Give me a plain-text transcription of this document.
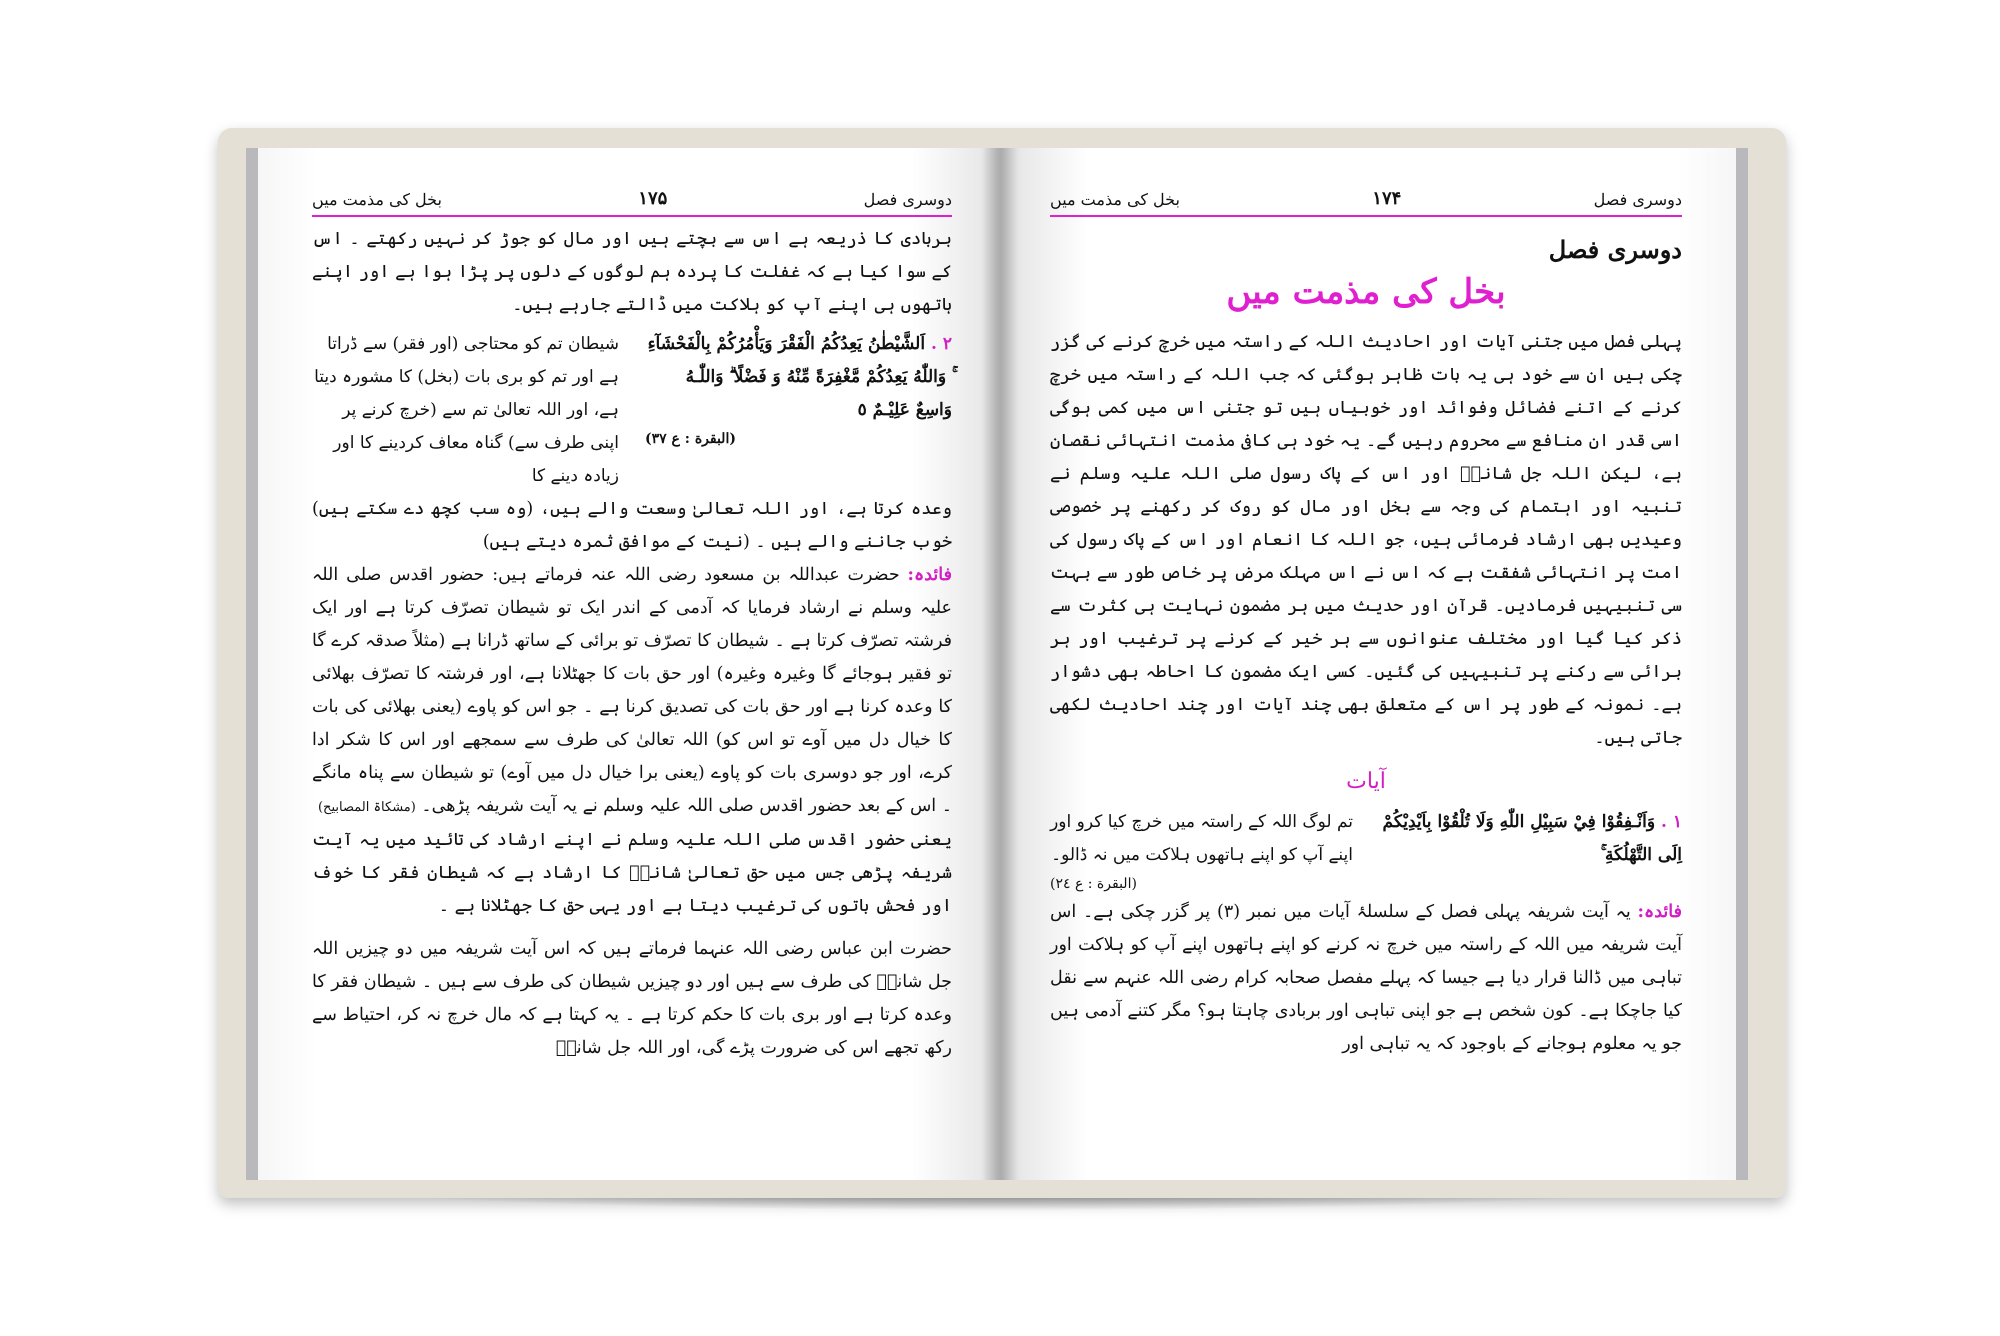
دوسری فصل
۱۷۵
بخل کی مذمت میں

بربادی کا ذریعہ ہے اس سے بچتے ہیں اور مال کو جوڑ کر نہیں رکھتے ۔ اس کے سوا کیا ہے کہ غفلت کا پردہ ہم لوگوں کے دلوں پر پڑا ہوا ہے اور اپنے ہاتھوں ہی اپنے آپ کو ہلاکت میں ڈالتے جارہے ہیں۔

۲ . اَلشَّيْطٰنُ يَعِدُكُمُ الْفَقْرَ وَيَأْمُرُكُمْ بِالْفَحْشَآءِ ۚ وَاللّٰهُ يَعِدُكُمْ مَّغْفِرَةً مِّنْهُ وَ فَضْلًا ۗ وَاللّٰـهُ وَاسِعٌ عَلِيْـمٌ ٥
(البقرة : ع ٣٧)
شیطان تم کو محتاجی (اور فقر) سے ڈراتا ہے اور تم کو بری بات (بخل) کا مشورہ دیتا ہے، اور اللہ تعالیٰ تم سے (خرچ کرنے پر اپنی طرف سے) گناہ معاف کردینے کا اور زیادہ دینے کا

وعدہ کرتا ہے، اور اللہ تعالیٰ وسعت والے ہیں، (وہ سب کچھ دے سکتے ہیں) خوب جاننے والے ہیں ۔ (نیت کے موافق ثمرہ دیتے ہیں)

فائدہ: حضرت عبداللہ بن مسعود رضی اللہ عنہ فرماتے ہیں: حضور اقدس صلی اللہ علیہ وسلم نے ارشاد فرمایا کہ آدمی کے اندر ایک تو شیطان تصرّف کرتا ہے اور ایک فرشتہ تصرّف کرتا ہے ۔ شیطان کا تصرّف تو برائی کے ساتھ ڈرانا ہے (مثلاً صدقہ کرے گا تو فقیر ہوجائے گا وغیرہ وغیرہ) اور حق بات کا جھٹلانا ہے، اور فرشتہ کا تصرّف بھلائی کا وعدہ کرنا ہے اور حق بات کی تصدیق کرنا ہے ۔ جو اس کو پاوے (یعنی بھلائی کی بات کا خیال دل میں آوے تو اس کو) اللہ تعالیٰ کی طرف سے سمجھے اور اس کا شکر ادا کرے، اور جو دوسری بات کو پاوے (یعنی برا خیال دل میں آوے) تو شیطان سے پناہ مانگے ۔ اس کے بعد حضور اقدس صلی اللہ علیہ وسلم نے یہ آیت شریفہ پڑھی۔ (مشکاۃ المصابیح)

یعنی حضور اقدس صلی اللہ علیہ وسلم نے اپنے ارشاد کی تائید میں یہ آیت شریفہ پڑھی جس میں حق تعالیٰ شانہٗ کا ارشاد ہے کہ شیطان فقر کا خوف اور فحش باتوں کی ترغیب دیتا ہے اور یہی حق کا جھٹلانا ہے ۔

حضرت ابن عباس رضی اللہ عنہما فرماتے ہیں کہ اس آیت شریفہ میں دو چیزیں اللہ جل شانہٗ کی طرف سے ہیں اور دو چیزیں شیطان کی طرف سے ہیں ۔ شیطان فقر کا وعدہ کرتا ہے اور بری بات کا حکم کرتا ہے ۔ یہ کہتا ہے کہ مال خرچ نہ کر، احتیاط سے رکھ تجھے اس کی ضرورت پڑے گی، اور اللہ جل شانہٗ

دوسری فصل
۱۷۴
بخل کی مذمت میں
دوسری فصل
بخل کی مذمت میں

پہلی فصل میں جتنی آیات اور احادیث اللہ کے راستہ میں خرچ کرنے کی گزر چکی ہیں ان سے خود ہی یہ بات ظاہر ہوگئی کہ جب اللہ کے راستہ میں خرچ کرنے کے اتنے فضائل وفوائد اور خوبیاں ہیں تو جتنی اس میں کمی ہوگی اسی قدر ان منافع سے محروم رہیں گے۔ یہ خود ہی کافی مذمت انتہائی نقصان ہے، لیکن اللہ جل شانہٗ اور اس کے پاک رسول صلی اللہ علیہ وسلم نے تنبیہ اور اہتمام کی وجہ سے بخل اور مال کو روک کر رکھنے پر خصوصی وعیدیں بھی ارشاد فرمائی ہیں، جو اللہ کا انعام اور اس کے پاک رسول کی امت پر انتہائی شفقت ہے کہ اس نے اس مہلک مرض پر خاص طور سے بہت سی تنبیہیں فرمادیں۔ قرآن اور حدیث میں ہر مضمون نہایت ہی کثرت سے ذکر کیا گیا اور مختلف عنوانوں سے ہر خیر کے کرنے پر ترغیب اور ہر برائی سے رکنے پر تنبیہیں کی گئیں۔ کسی ایک مضمون کا احاطہ بھی دشوار ہے۔ نمونہ کے طور پر اس کے متعلق بھی چند آیات اور چند احادیث لکھی جاتی ہیں۔

آیات
۱ . وَاَنْـفِقُوْا فِيْ سَبِيْلِ اللّٰهِ وَلَا تُلْقُوْا بِاَيْدِيْكُمْ اِلَى التَّهْلُكَةِ ۚ
تم لوگ اللہ کے راستہ میں خرچ کیا کرو اور اپنے آپ کو اپنے ہاتھوں ہلاکت میں نہ ڈالو۔
(البقرة : ع ٢٤)

فائدہ: یہ آیت شریفہ پہلی فصل کے سلسلۂ آیات میں نمبر (۳) پر گزر چکی ہے۔ اس آیت شریفہ میں اللہ کے راستہ میں خرچ نہ کرنے کو اپنے ہاتھوں اپنے آپ کو ہلاکت اور تباہی میں ڈالنا قرار دیا ہے جیسا کہ پہلے مفصل صحابہ کرام رضی اللہ عنہم سے نقل کیا جاچکا ہے۔ کون شخص ہے جو اپنی تباہی اور بربادی چاہتا ہو؟ مگر کتنے آدمی ہیں جو یہ معلوم ہوجانے کے باوجود کہ یہ تباہی اور
